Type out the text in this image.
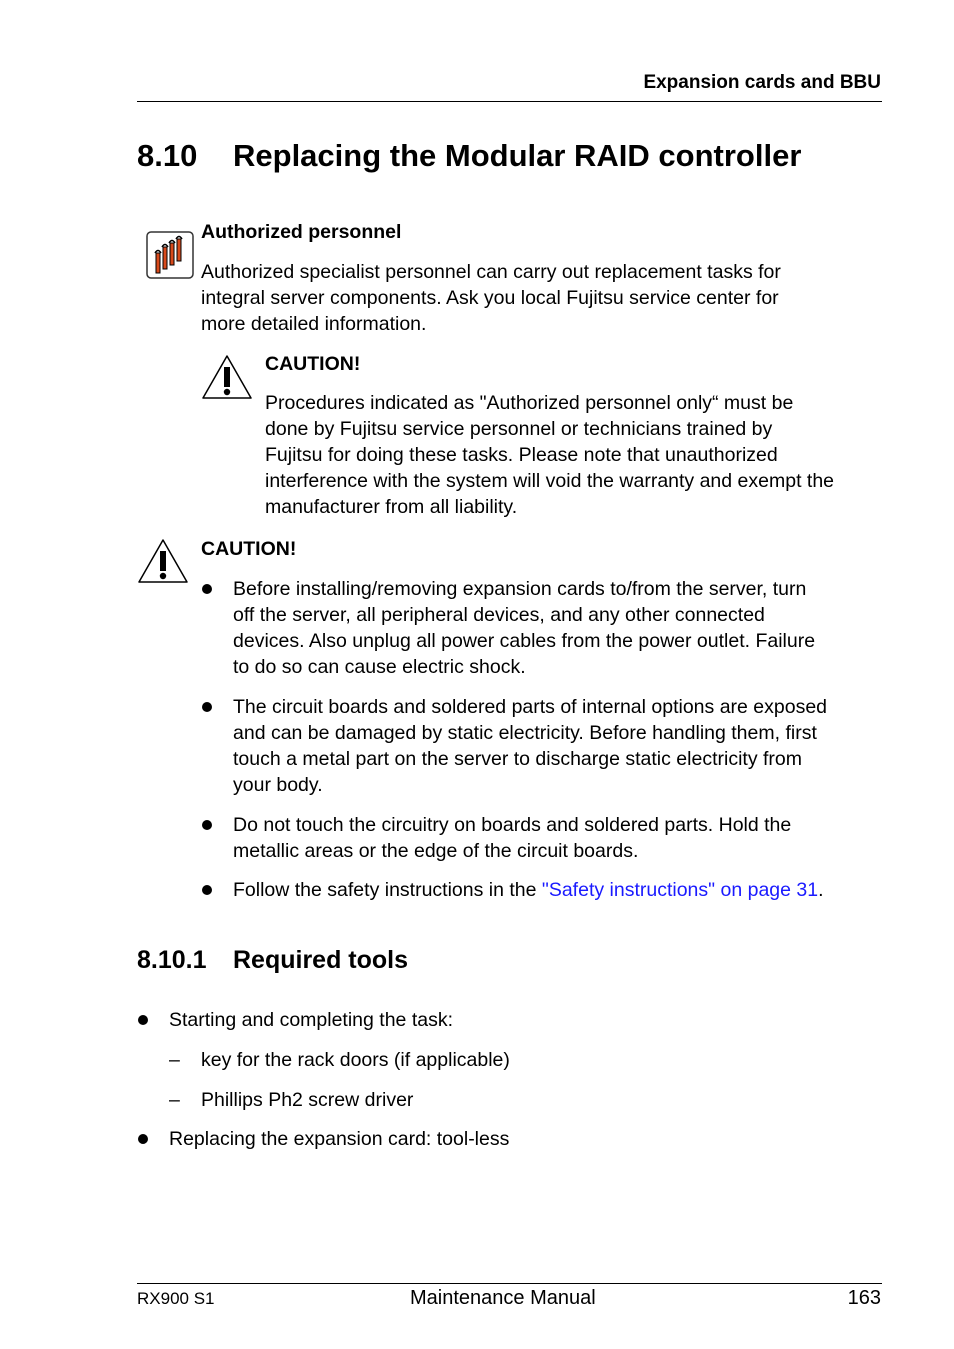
Expansion cards and BBU
8.10 Replacing the Modular RAID controller
Authorized personnel
Authorized specialist personnel can carry out replacement tasks for
integral server components. Ask you local Fujitsu service center for
more detailed information.
CAUTION!
Procedures indicated as "Authorized personnel only“ must be
done by Fujitsu service personnel or technicians trained by
Fujitsu for doing these tasks. Please note that unauthorized
interference with the system will void the warranty and exempt the
manufacturer from all liability.
CAUTION!
Before installing/removing expansion cards to/from the server, turn
off the server, all peripheral devices, and any other connected
devices. Also unplug all power cables from the power outlet. Failure
to do so can cause electric shock.
The circuit boards and soldered parts of internal options are exposed
and can be damaged by static electricity. Before handling them, first
touch a metal part on the server to discharge static electricity from
your body.
Do not touch the circuitry on boards and soldered parts. Hold the
metallic areas or the edge of the circuit boards.
Follow the safety instructions in the "Safety instructions" on page 31.
8.10.1 Required tools
Starting and completing the task:
– key for the rack doors (if applicable)
– Phillips Ph2 screw driver
Replacing the expansion card: tool-less
RX900 S1	Maintenance Manual	163
